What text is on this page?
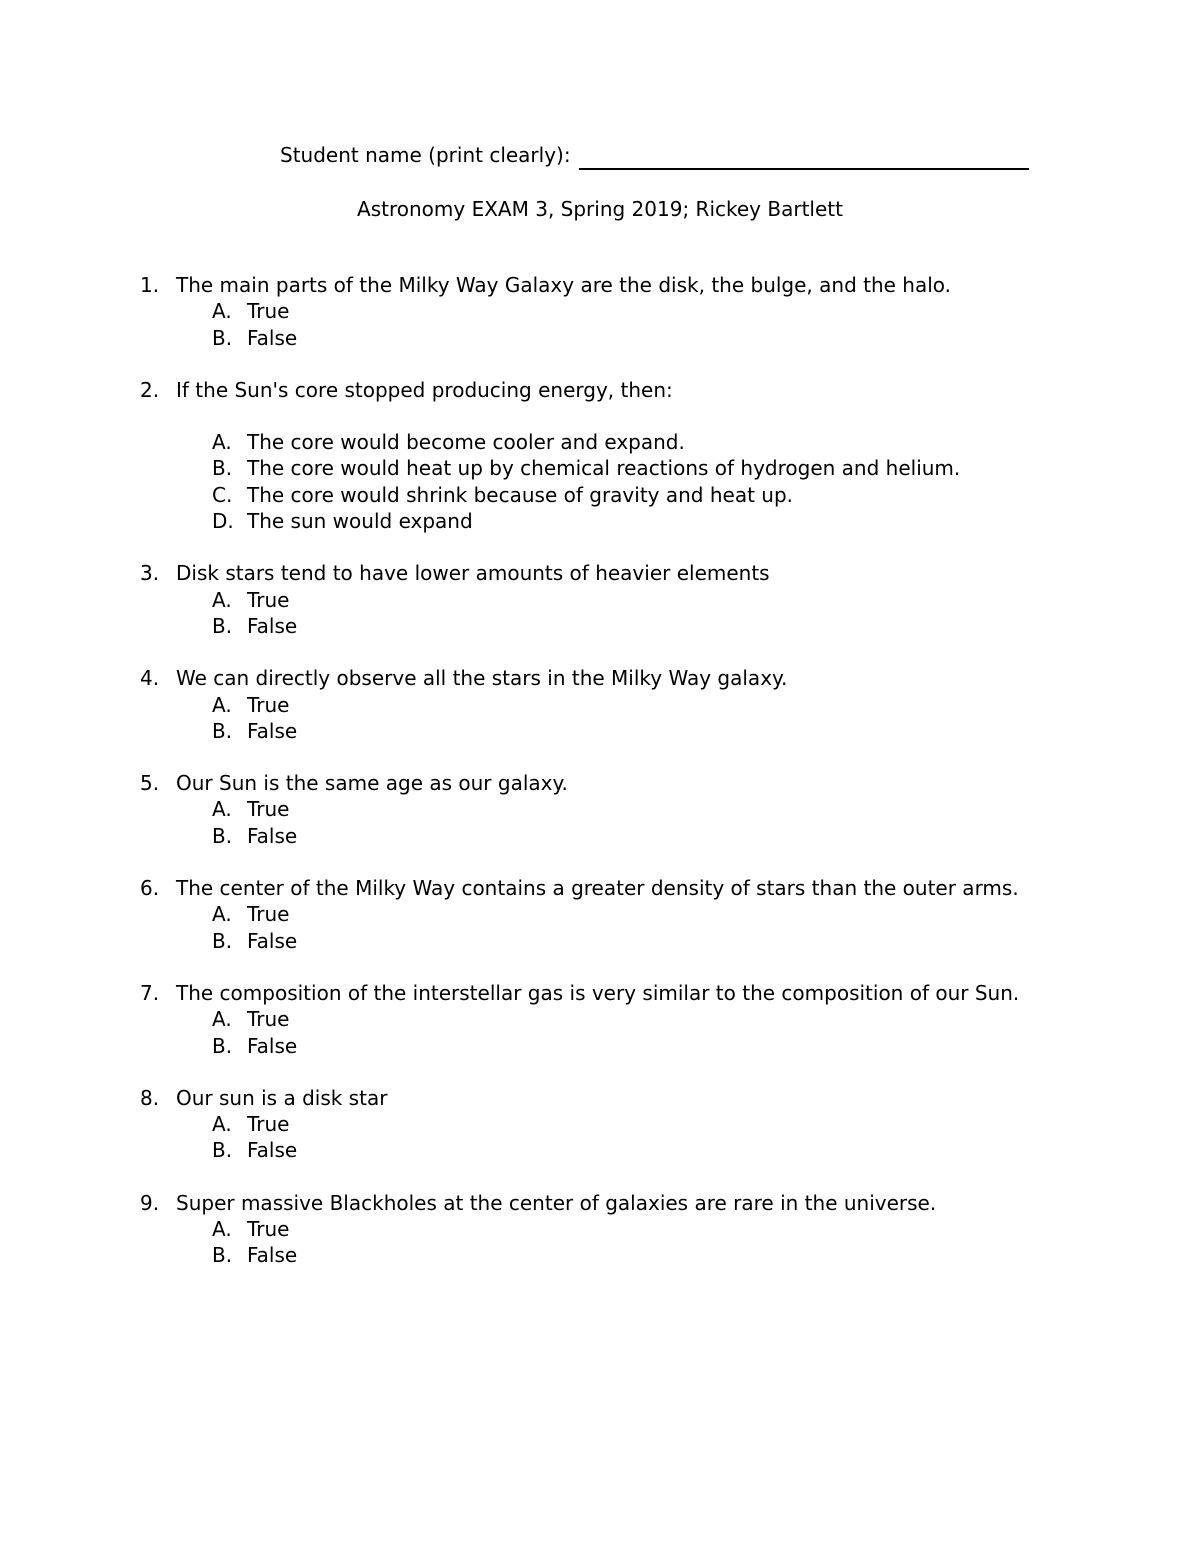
Student name (print clearly):
Astronomy EXAM 3, Spring 2019; Rickey Bartlett
1. The main parts of the Milky Way Galaxy are the disk, the bulge, and the halo.
A. True
B. False
2. If the Sun's core stopped producing energy, then:
A. The core would become cooler and expand.
B. The core would heat up by chemical reactions of hydrogen and helium.
C. The core would shrink because of gravity and heat up.
D. The sun would expand
3. Disk stars tend to have lower amounts of heavier elements
A. True
B. False
4. We can directly observe all the stars in the Milky Way galaxy.
A. True
B. False
5. Our Sun is the same age as our galaxy.
A. True
B. False
6. The center of the Milky Way contains a greater density of stars than the outer arms.
A. True
B. False
7. The composition of the interstellar gas is very similar to the composition of our Sun.
A. True
B. False
8. Our sun is a disk star
A. True
B. False
9. Super massive Blackholes at the center of galaxies are rare in the universe.
A. True
B. False
